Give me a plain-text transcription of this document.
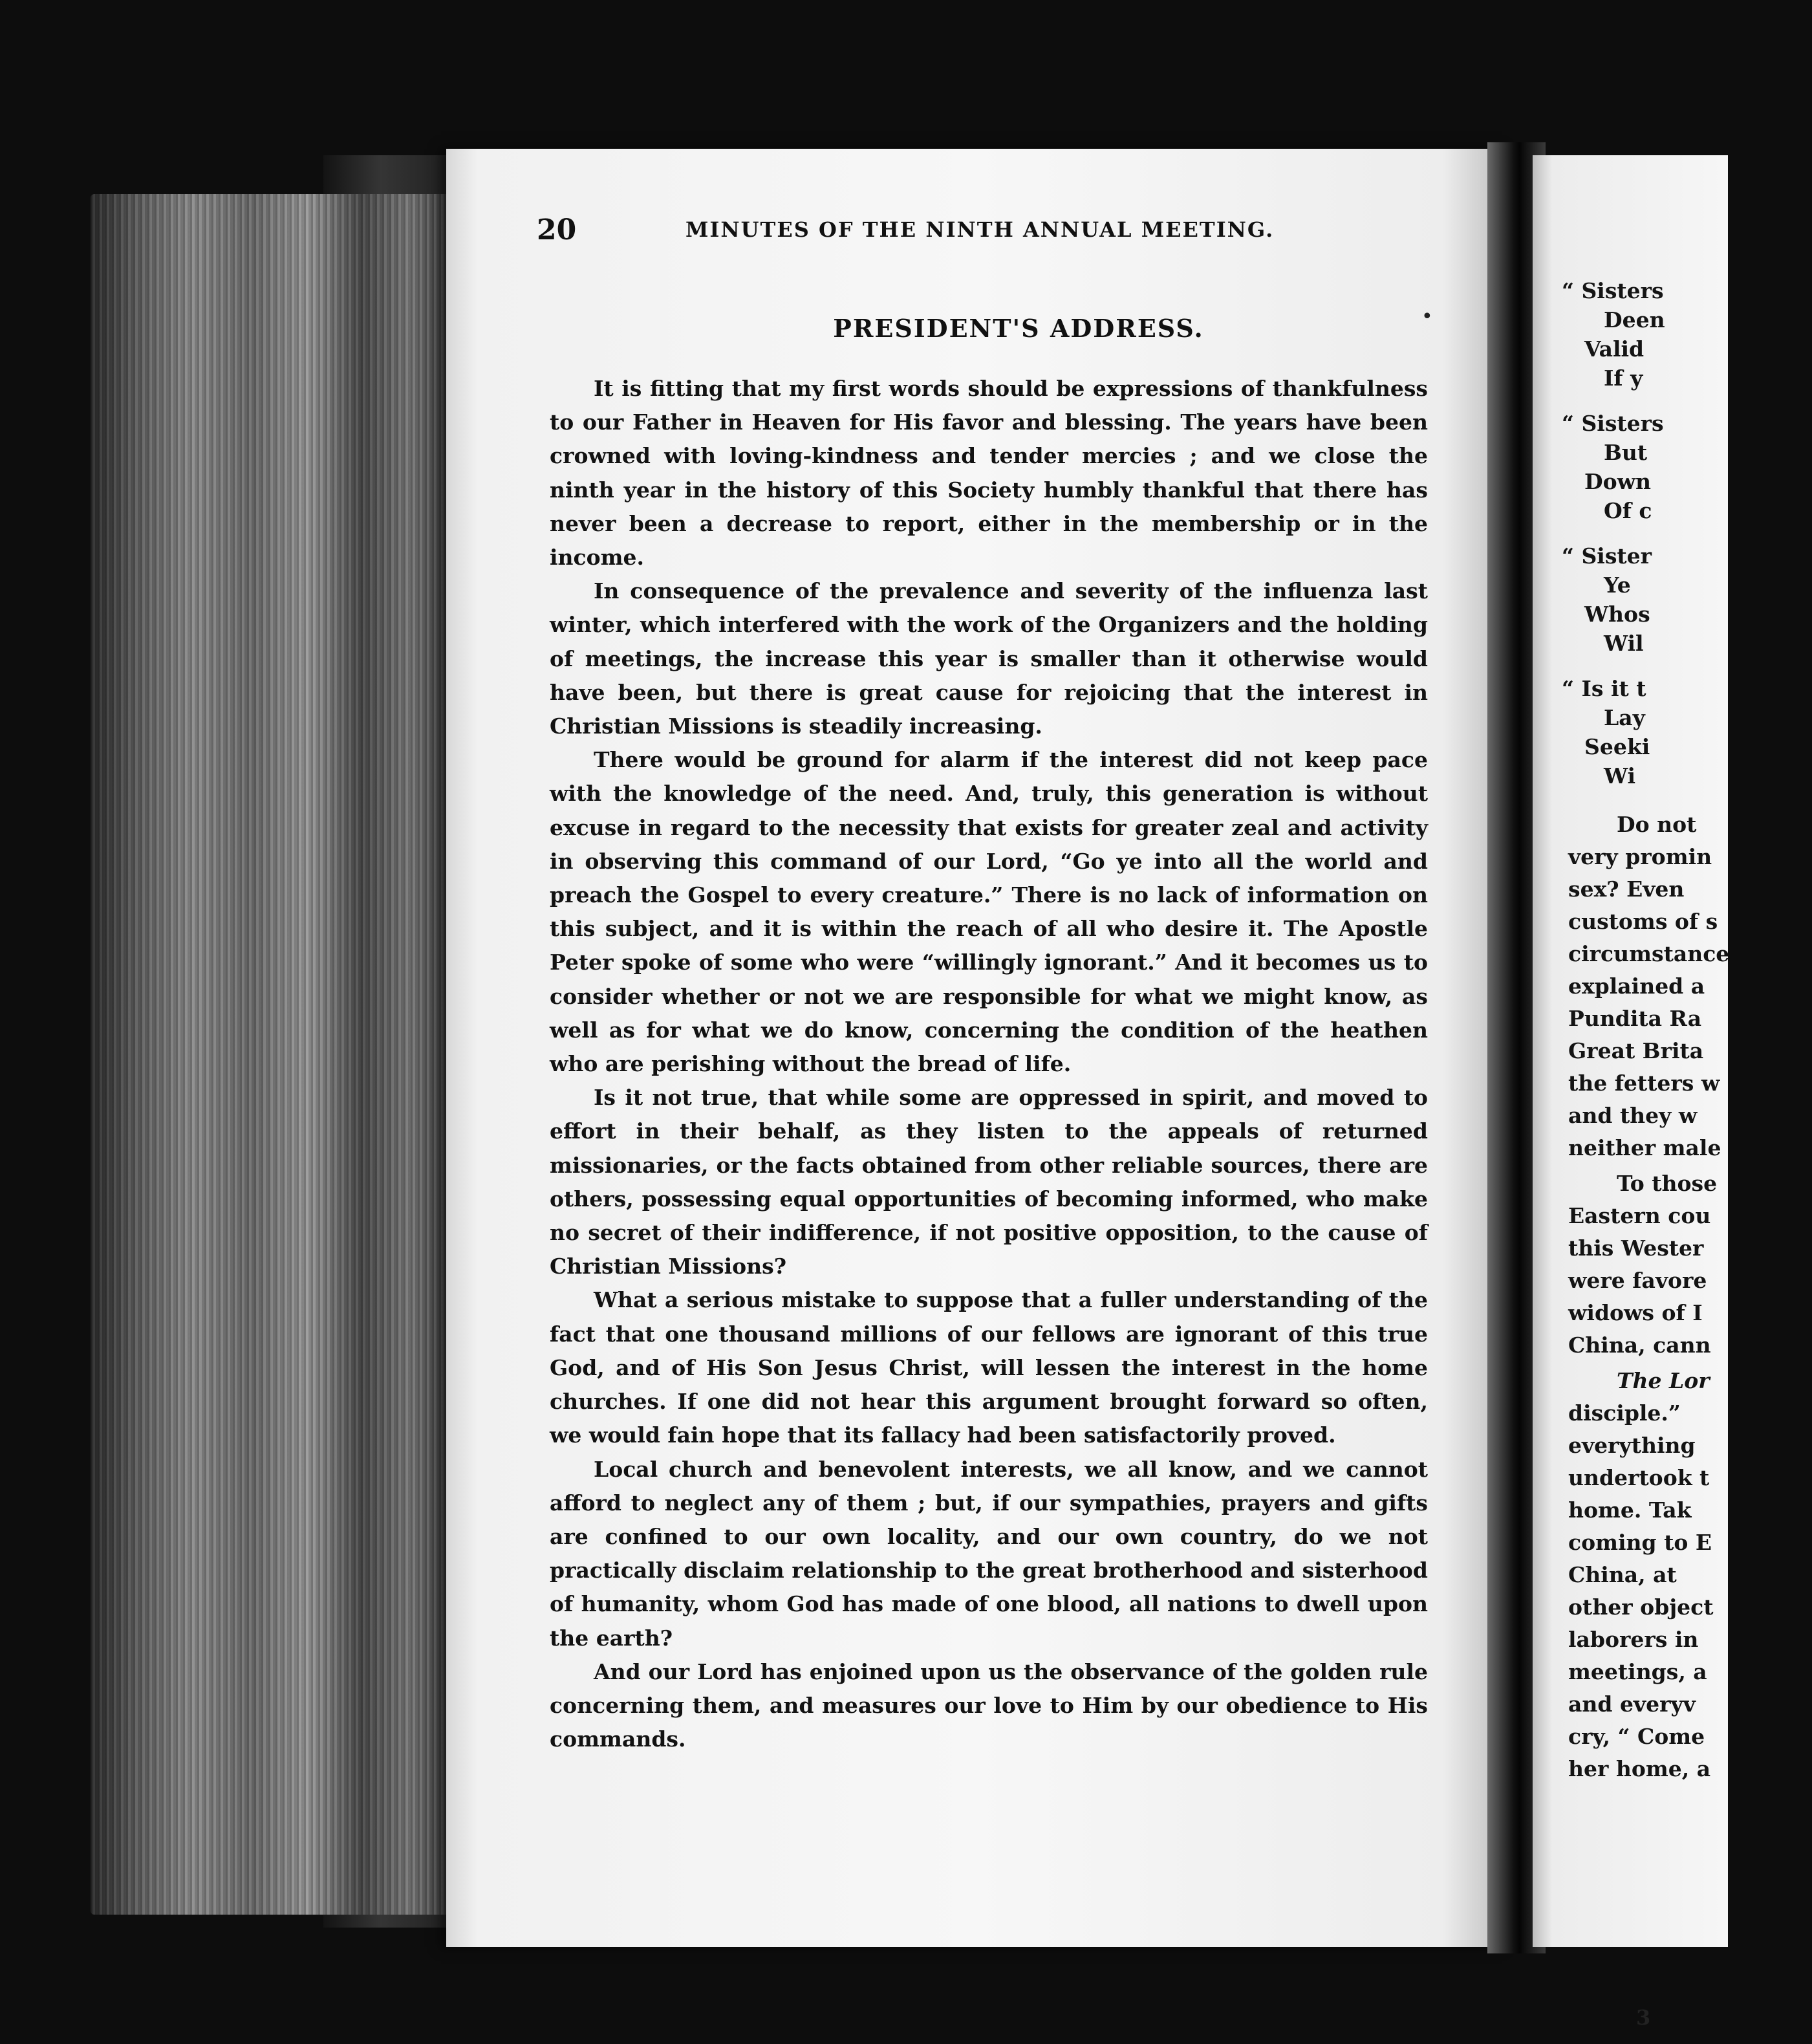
20	MINUTES OF THE NINTH ANNUAL MEETING.
PRESIDENT'S ADDRESS.	•

It is fitting that my first words should be expressions of thankfulness to our Father in Heaven for His favor and blessing. The years have been crowned with loving-kindness and tender mercies ; and we close the ninth year in the history of this Society humbly thankful that there has never been a decrease to report, either in the membership or in the income.

In consequence of the prevalence and severity of the influenza last winter, which interfered with the work of the Organizers and the holding of meetings, the increase this year is smaller than it otherwise would have been, but there is great cause for rejoicing that the interest in Christian Missions is steadily increasing.

There would be ground for alarm if the interest did not keep pace with the knowledge of the need. And, truly, this generation is without excuse in regard to the necessity that exists for greater zeal and activity in observing this command of our Lord, “Go ye into all the world and preach the Gospel to every creature.” There is no lack of information on this subject, and it is within the reach of all who desire it. The Apostle Peter spoke of some who were “willingly ignorant.” And it becomes us to consider whether or not we are responsible for what we might know, as well as for what we do know, concerning the condition of the heathen who are perishing without the bread of life.

Is it not true, that while some are oppressed in spirit, and moved to effort in their behalf, as they listen to the appeals of returned missionaries, or the facts obtained from other reliable sources, there are others, possessing equal opportunities of becoming informed, who make no secret of their indifference, if not positive opposition, to the cause of Christian Missions?

What a serious mistake to suppose that a fuller understanding of the fact that one thousand millions of our fellows are ignorant of this true God, and of His Son Jesus Christ, will lessen the interest in the home churches. If one did not hear this argument brought forward so often, we would fain hope that its fallacy had been satisfactorily proved.

Local church and benevolent interests, we all know, and we cannot afford to neglect any of them ; but, if our sympathies, prayers and gifts are confined to our own locality, and our own country, do we not practically disclaim relationship to the great brotherhood and sisterhood of humanity, whom God has made of one blood, all nations to dwell upon the earth?

And our Lord has enjoined upon us the observance of the golden rule concerning them, and measures our love to Him by our obedience to His commands.

“ Sisters
Deen
Valid
If y
“ Sisters
But
Down
Of c
“ Sister
Ye
Whos
Wil
“ Is it t
Lay
Seeki
Wi
Do not
very promin
sex? Even
customs of s
circumstance
explained a
Pundita Ra
Great Brita
the fetters w
and they w
neither male
To those
Eastern cou
this Wester
were favore
widows of I
China, cann
The Lor
disciple.”
everything
undertook t
home. Tak
coming to E
China, at
other object
laborers in
meetings, a
and everyv
cry, “ Come
her home, a
3
